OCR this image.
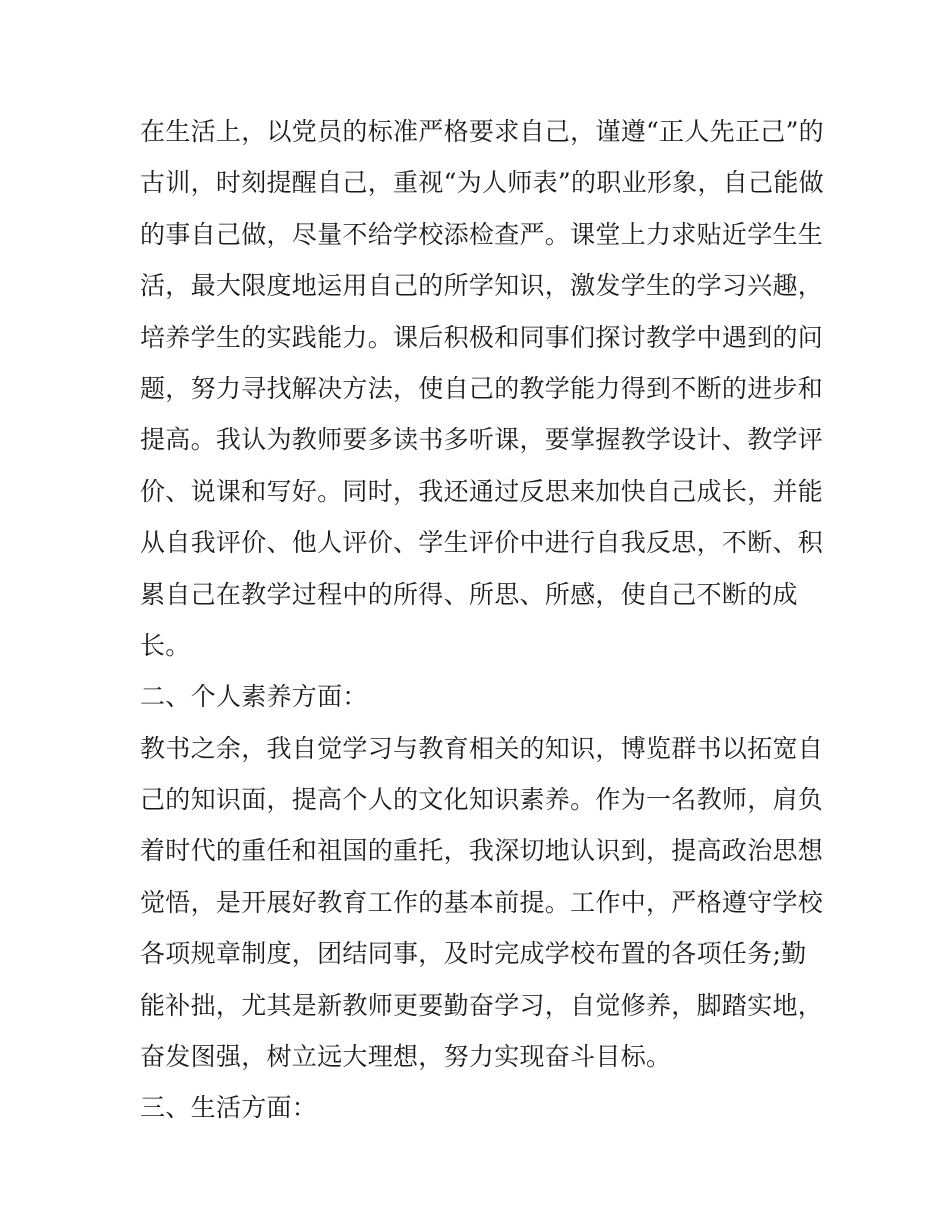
在生活上，以党员的标准严格要求自己，谨遵“正人先正己”的
古训，时刻提醒自己，重视“为人师表”的职业形象，自己能做
的事自己做，尽量不给学校添检查严。课堂上力求贴近学生生
活，最大限度地运用自己的所学知识，激发学生的学习兴趣，
培养学生的实践能力。课后积极和同事们探讨教学中遇到的问
题，努力寻找解决方法，使自己的教学能力得到不断的进步和
提高。我认为教师要多读书多听课，要掌握教学设计、教学评
价、说课和写好。同时，我还通过反思来加快自己成长，并能
从自我评价、他人评价、学生评价中进行自我反思，不断、积
累自己在教学过程中的所得、所思、所感，使自己不断的成
长。
二、个人素养方面：
教书之余，我自觉学习与教育相关的知识，博览群书以拓宽自
己的知识面，提高个人的文化知识素养。作为一名教师，肩负
着时代的重任和祖国的重托，我深切地认识到，提高政治思想
觉悟，是开展好教育工作的基本前提。工作中，严格遵守学校
各项规章制度，团结同事，及时完成学校布置的各项任务;勤
能补拙，尤其是新教师更要勤奋学习，自觉修养，脚踏实地，
奋发图强，树立远大理想，努力实现奋斗目标。
三、生活方面：
